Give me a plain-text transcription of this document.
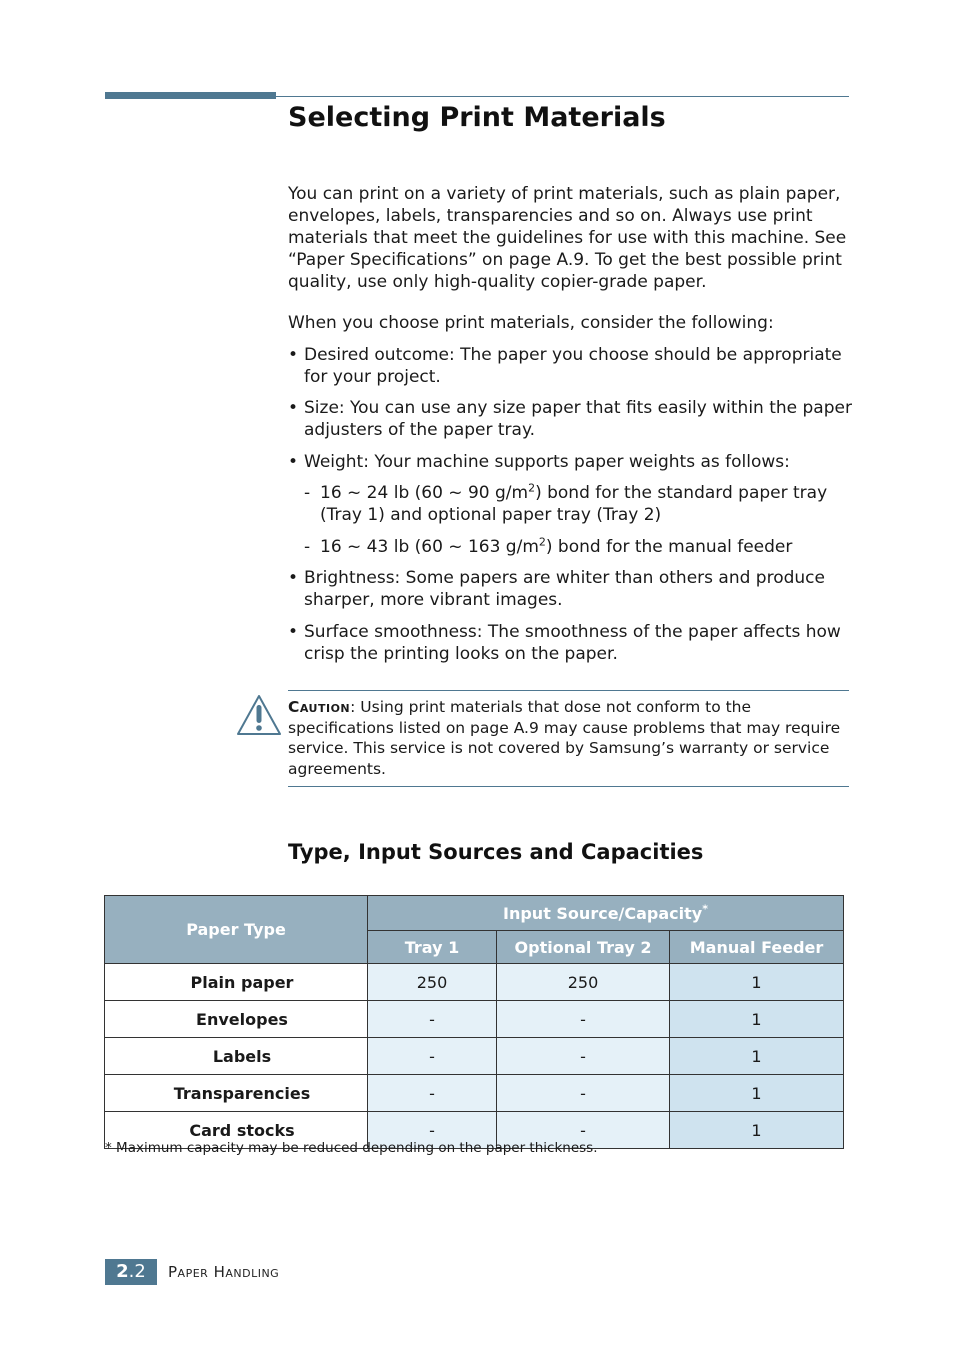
Selecting Print Materials

You can print on a variety of print materials, such as plain paper, envelopes, labels, transparencies and so on. Always use print materials that meet the guidelines for use with this machine. See “Paper Specifications” on page A.9. To get the best possible print quality, use only high-quality copier-grade paper.

When you choose print materials, consider the following:

• Desired outcome: The paper you choose should be appropriate for your project.
• Size: You can use any size paper that fits easily within the paper adjusters of the paper tray.
• Weight: Your machine supports paper weights as follows:
- 16 ~ 24 lb (60 ~ 90 $g/m^2$) bond for the standard paper tray (Tray 1) and optional paper tray (Tray 2)
- 16 ~ 43 lb (60 ~ 163 $g/m^2$) bond for the manual feeder
• Brightness: Some papers are whiter than others and produce sharper, more vibrant images.
• Surface smoothness: The smoothness of the paper affects how crisp the printing looks on the paper.
Caution: Using print materials that dose not conform to the specifications listed on page A.9 may cause problems that may require service. This service is not covered by Samsung’s warranty or service agreements.
Type, Input Sources and Capacities
Paper Type	Input Source/Capacity*
	Tray 1	Optional Tray 2	Manual Feeder
Plain paper	250	250	1
Envelopes	-	-	1
Labels	-	-	1
Transparencies	-	-	1
Card stocks	-	-	1
* Maximum capacity may be reduced depending on the paper thickness.
2.2	Paper Handling
